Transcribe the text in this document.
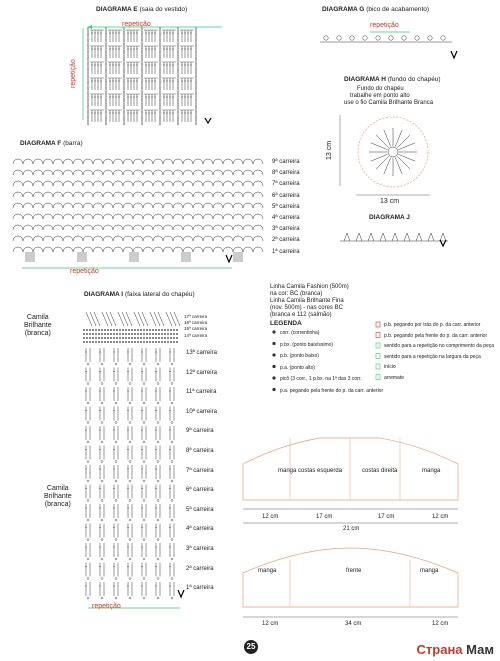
DIAGRAMA E (saia do vestido)
repetição
repetição
DIAGRAMA G (bico de acabamento)
repetição
DIAGRAMA H (fundo do chapéu)
Fundo do chapéu
trabalhe em ponto alto
use o fio Camila Brilhante Branca
13 cm
13 cm
DIAGRAMA F (barra)
9ª carreira
8ª carreira
7ª carreira
6ª carreira
5ª carreira
4ª carreira
3ª carreira
2ª carreira
1ª carreira
repetição
DIAGRAMA J
DIAGRAMA I (faixa lateral do chapéu)
Camila
Brilhante
(branca)
Camila
Brilhante
(branca)
17ª carreira
16ª carreira
15ª carreira
14ª carreira
13ª carreira
12ª carreira
11ª carreira
10ª carreira
9ª carreira
8ª carreira
7ª carreira
6ª carreira
5ª carreira
4ª carreira
3ª carreira
2ª carreira
1ª carreira
repetição
Linha Camila Fashion (500m)
na cor: BC (branca)
Linha Camila Brilhante Fina
(nov. 500m) - nas cores BC
(branca e 112 (salmão)
LEGENDA
corr. (correntinha)
p.bx. (ponto baixíssimo)
p.b. (ponto baixo)
p.a. (ponto alto)
picô (3 corr., 1 p.bx. na 1ª das 3 corr.
p.a. pegando pela frente do p. da carr. anterior
p.b. pegando por trás do p. da carr. anterior
p.b. pegando pela frente do p. da carr. anterior
sentido para a repetição no comprimento da peça
sentido para a repetição na largura da peça
início
arremate
manga costas esquerda	costas direita	manga
12 cm	17 cm	17 cm	12 cm
21 cm
manga	frente	manga
12 cm	34 cm	12 cm
25	Страна Мам
